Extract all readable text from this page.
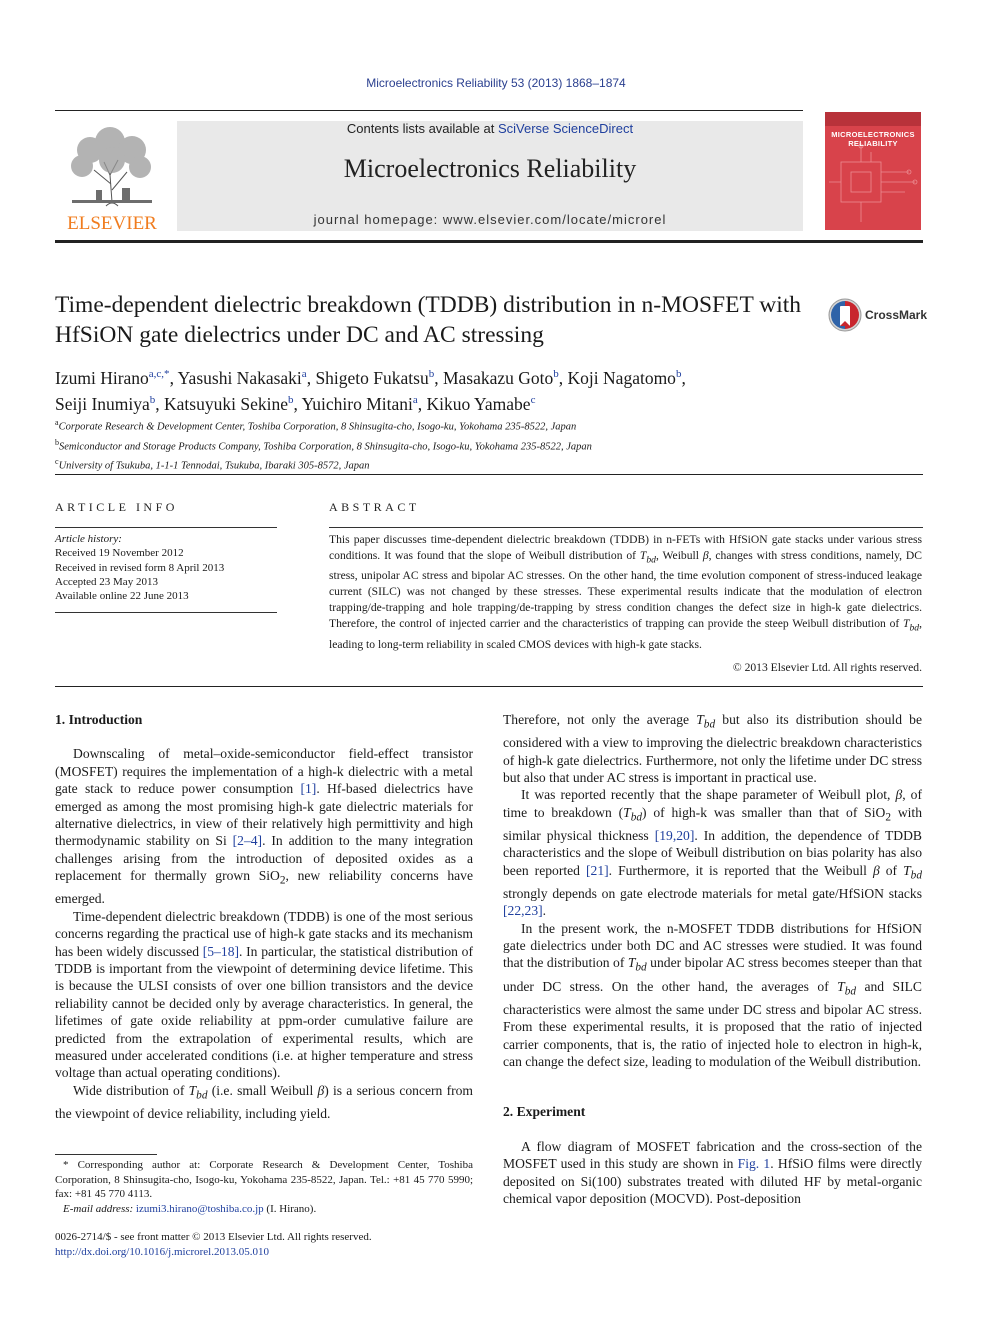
Microelectronics Reliability 53 (2013) 1868–1874
ELSEVIER
Contents lists available at SciVerse ScienceDirect
Microelectronics Reliability
journal homepage: www.elsevier.com/locate/microrel
MICROELECTRONICS
RELIABILITY
Time-dependent dielectric breakdown (TDDB) distribution in n-MOSFET with HfSiON gate dielectrics under DC and AC stressing
CrossMark
Izumi Hirano$^{a,c,*}$, Yasushi Nakasaki$^a$, Shigeto Fukatsu$^b$, Masakazu Goto$^b$, Koji Nagatomo$^b$,
Seiji Inumiya$^b$, Katsuyuki Sekine$^b$, Yuichiro Mitani$^a$, Kikuo Yamabe$^c$
$^a$Corporate Research & Development Center, Toshiba Corporation, 8 Shinsugita-cho, Isogo-ku, Yokohama 235-8522, Japan
$^b$Semiconductor and Storage Products Company, Toshiba Corporation, 8 Shinsugita-cho, Isogo-ku, Yokohama 235-8522, Japan
$^c$University of Tsukuba, 1-1-1 Tennodai, Tsukuba, Ibaraki 305-8572, Japan
ARTICLE INFO	ABSTRACT
Article history:
Received 19 November 2012
Received in revised form 8 April 2013
Accepted 23 May 2013
Available online 22 June 2013
This paper discusses time-dependent dielectric breakdown (TDDB) in n-FETs with HfSiON gate stacks under various stress conditions. It was found that the slope of Weibull distribution of $T_{bd}$, Weibull β, changes with stress conditions, namely, DC stress, unipolar AC stress and bipolar AC stresses. On the other hand, the time evolution component of stress-induced leakage current (SILC) was not changed by these stresses. These experimental results indicate that the modulation of electron trapping/de-trapping and hole trapping/de-trapping by stress condition changes the defect size in high-k gate dielectrics. Therefore, the control of injected carrier and the characteristics of trapping can provide the steep Weibull distribution of $T_{bd}$, leading to long-term reliability in scaled CMOS devices with high-k gate stacks.
© 2013 Elsevier Ltd. All rights reserved.
1. Introduction

Downscaling of metal–oxide-semiconductor field-effect transistor (MOSFET) requires the implementation of a high-k dielectric with a metal gate stack to reduce power consumption [1]. Hf-based dielectrics have emerged as among the most promising high-k gate dielectric materials for alternative dielectrics, in view of their relatively high permittivity and high thermodynamic stability on Si [2–4]. In addition to the many integration challenges arising from the introduction of deposited oxides as a replacement for thermally grown SiO$_2$, new reliability concerns have emerged.

Time-dependent dielectric breakdown (TDDB) is one of the most serious concerns regarding the practical use of high-k gate stacks and its mechanism has been widely discussed [5–18]. In particular, the statistical distribution of TDDB is important from the viewpoint of determining device lifetime. This is because the ULSI consists of over one billion transistors and the device reliability cannot be decided only by average characteristics. In general, the lifetimes of gate oxide reliability at ppm-order cumulative failure are predicted from the extrapolation of experimental results, which are measured under accelerated conditions (i.e. at higher temperature and stress voltage than actual operating conditions).

Wide distribution of $T_{bd}$ (i.e. small Weibull β) is a serious concern from the viewpoint of device reliability, including yield.

Therefore, not only the average $T_{bd}$ but also its distribution should be considered with a view to improving the dielectric breakdown characteristics of high-k gate dielectrics. Furthermore, not only the lifetime under DC stress but also that under AC stress is important in practical use.

It was reported recently that the shape parameter of Weibull plot, β, of time to breakdown $(T_{bd})$ of high-k was smaller than that of SiO$_2$ with similar physical thickness [19,20]. In addition, the dependence of TDDB characteristics and the slope of Weibull distribution on bias polarity has also been reported [21]. Furthermore, it is reported that the Weibull β of $T_{bd}$ strongly depends on gate electrode materials for metal gate/HfSiON stacks [22,23].

In the present work, the n-MOSFET TDDB distributions for HfSiON gate dielectrics under both DC and AC stresses were studied. It was found that the distribution of $T_{bd}$ under bipolar AC stress becomes steeper than that under DC stress. On the other hand, the averages of $T_{bd}$ and SILC characteristics were almost the same under DC stress and bipolar AC stress. From these experimental results, it is proposed that the ratio of injected carrier components, that is, the ratio of injected hole to electron in high-k, can change the defect size, leading to modulation of the Weibull distribution.

2. Experiment

A flow diagram of MOSFET fabrication and the cross-section of the MOSFET used in this study are shown in Fig. 1. HfSiO films were directly deposited on Si(100) substrates treated with diluted HF by metal-organic chemical vapor deposition (MOCVD). Post-deposition

* Corresponding author at: Corporate Research & Development Center, Toshiba Corporation, 8 Shinsugita-cho, Isogo-ku, Yokohama 235-8522, Japan. Tel.: +81 45 770 5990; fax: +81 45 770 4113.

E-mail address: izumi3.hirano@toshiba.co.jp (I. Hirano).

0026-2714/$ - see front matter © 2013 Elsevier Ltd. All rights reserved.
http://dx.doi.org/10.1016/j.microrel.2013.05.010
